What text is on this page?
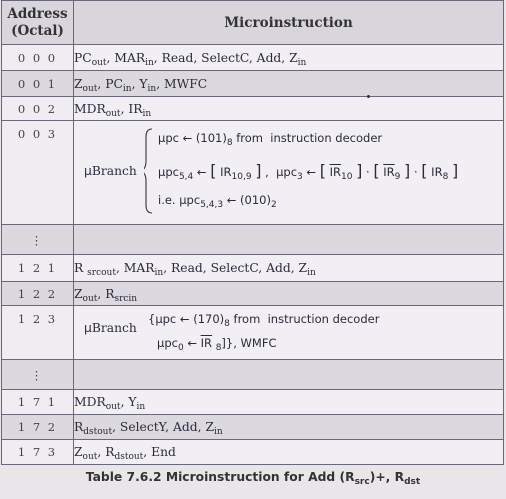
Address
(Octal)	Microinstruction
0 0 0	$PC_{out}$, $MAR_{in}$, Read, SelectC, Add, $Z_{in}$
0 0 1	$Z_{out}$, $PC_{in}$, $Y_{in}$, MWFC
0 0 2	$MDR_{out}$, $IR_{in}$
0 0 3	μBranch
μpc ← $(101)_8$ from  instruction decoder
μpc$_{5,4}$ ← [ $IR_{10,9}$ ] ,  μpc$_3$ ← [ $\overline{IR}_{10}$ ] · [ $\overline{IR}_9$ ] · [ $IR_8$ ]
i.e. μpc$_{5,4,3}$ ← $(010)_2$

⋮	
1 2 1	R $_{srcout}$, $MAR_{in}$, Read, SelectC, Add, $Z_{in}$
1 2 2	$Z_{out}$, $R_{srcin}$
1 2 3	μBranch
{μpc ← $(170)_8$ from  instruction decoder
μpc$_0$ ← $\overline{IR}$ $_8$]}, WMFC

⋮	
1 7 1	$MDR_{out}$, $Y_{in}$
1 7 2	$R_{dstout}$, SelectY, Add, $Z_{in}$
1 7 3	$Z_{out}$, $R_{dstout}$, End
Table 7.6.2 Microinstruction for Add $(R_{src})+$, $R_{dst}$
